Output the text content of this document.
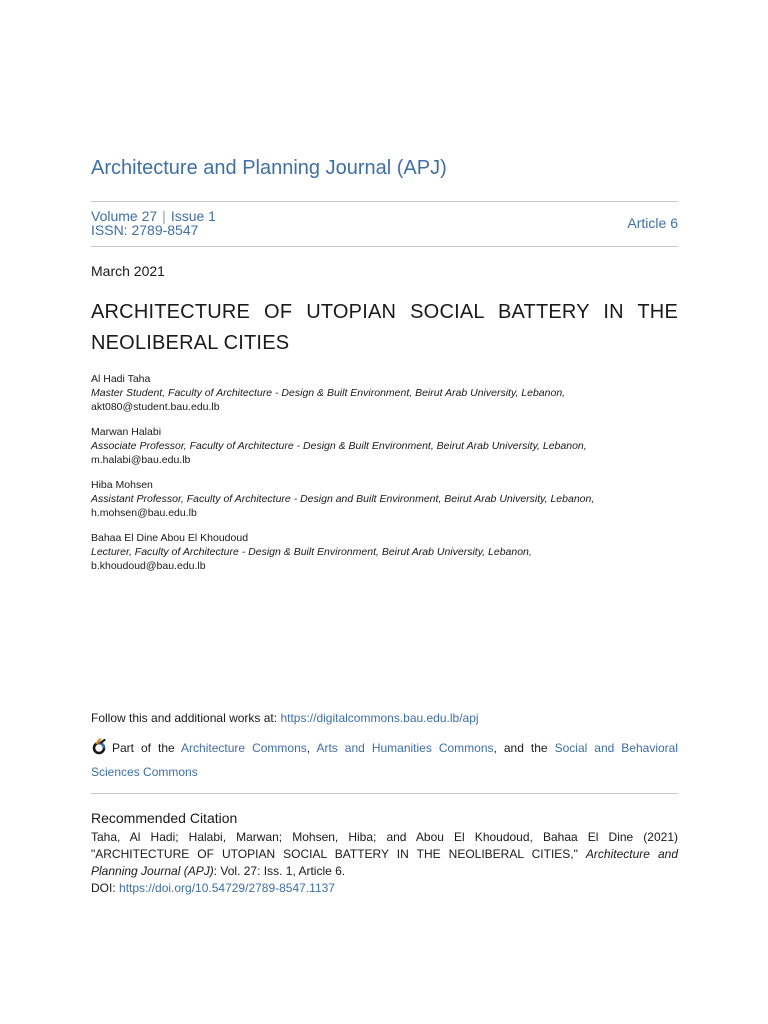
Architecture and Planning Journal (APJ)
Volume 27 | Issue 1
ISSN: 2789-8547	Article 6
March 2021
ARCHITECTURE OF UTOPIAN SOCIAL BATTERY IN THE NEOLIBERAL CITIES
Al Hadi Taha
Master Student, Faculty of Architecture - Design & Built Environment, Beirut Arab University, Lebanon,
akt080@student.bau.edu.lb
Marwan Halabi
Associate Professor, Faculty of Architecture - Design & Built Environment, Beirut Arab University, Lebanon,
m.halabi@bau.edu.lb
Hiba Mohsen
Assistant Professor, Faculty of Architecture - Design and Built Environment, Beirut Arab University, Lebanon,
h.mohsen@bau.edu.lb
Bahaa El Dine Abou El Khoudoud
Lecturer, Faculty of Architecture - Design & Built Environment, Beirut Arab University, Lebanon,
b.khoudoud@bau.edu.lb
Follow this and additional works at: https://digitalcommons.bau.edu.lb/apj
Part of the Architecture Commons, Arts and Humanities Commons, and the Social and Behavioral Sciences Commons
Recommended Citation
Taha, Al Hadi; Halabi, Marwan; Mohsen, Hiba; and Abou El Khoudoud, Bahaa El Dine (2021) "ARCHITECTURE OF UTOPIAN SOCIAL BATTERY IN THE NEOLIBERAL CITIES," Architecture and Planning Journal (APJ): Vol. 27: Iss. 1, Article 6.
DOI: https://doi.org/10.54729/2789-8547.1137
